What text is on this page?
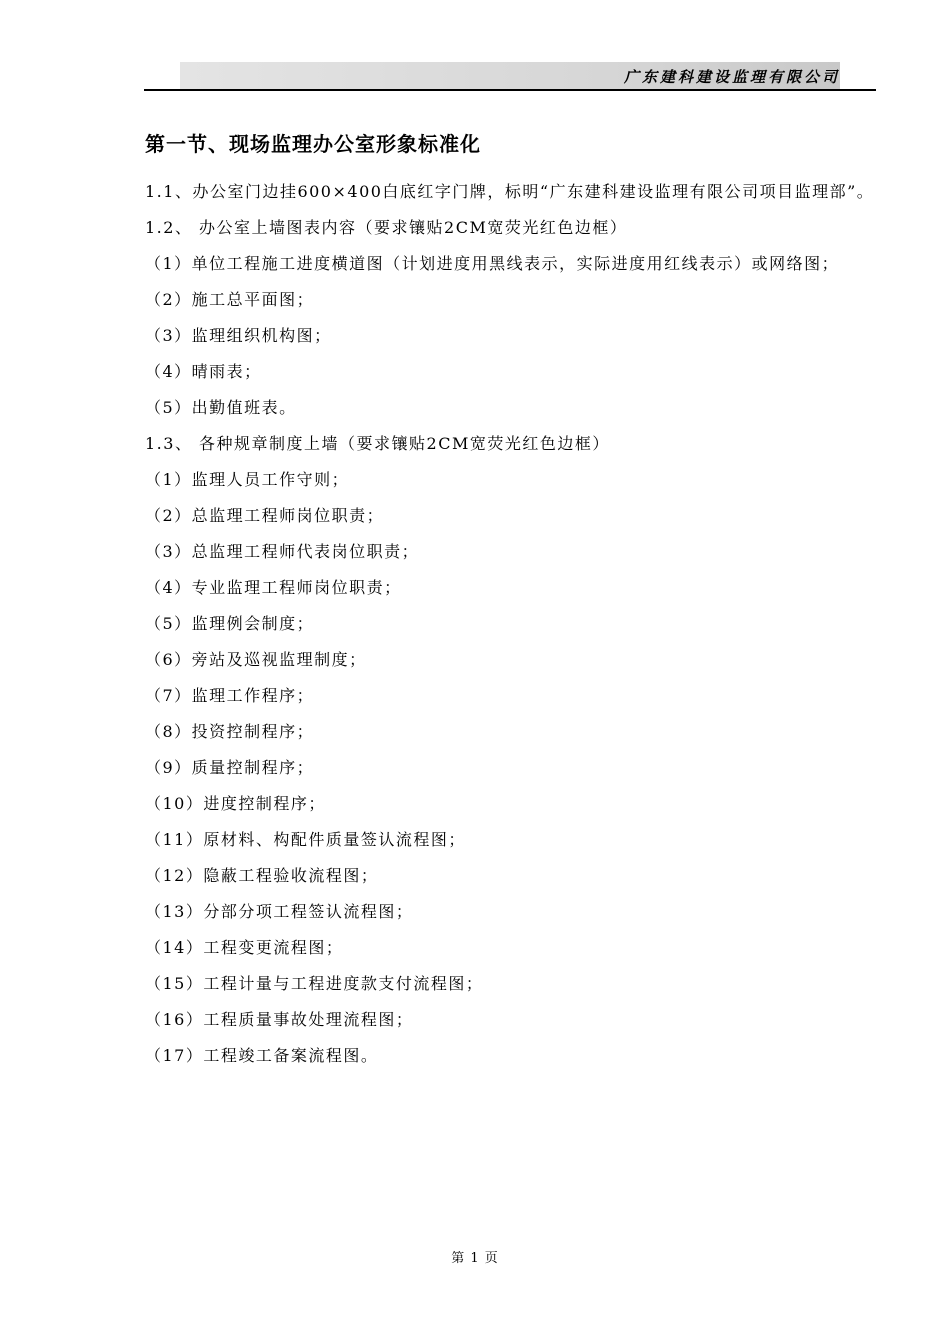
广东建科建设监理有限公司
第一节、现场监理办公室形象标准化
1.1、办公室门边挂600×400白底红字门牌，标明“广东建科建设监理有限公司项目监理部”。
1.2、 办公室上墙图表内容（要求镶贴2CM宽荧光红色边框）
（1）单位工程施工进度横道图（计划进度用黑线表示，实际进度用红线表示）或网络图；
（2）施工总平面图；
（3）监理组织机构图；
（4）晴雨表；
（5）出勤值班表。
1.3、 各种规章制度上墙（要求镶贴2CM宽荧光红色边框）
（1）监理人员工作守则；
（2）总监理工程师岗位职责；
（3）总监理工程师代表岗位职责；
（4）专业监理工程师岗位职责；
（5）监理例会制度；
（6）旁站及巡视监理制度；
（7）监理工作程序；
（8）投资控制程序；
（9）质量控制程序；
（10）进度控制程序；
（11）原材料、构配件质量签认流程图；
（12）隐蔽工程验收流程图；
（13）分部分项工程签认流程图；
（14）工程变更流程图；
（15）工程计量与工程进度款支付流程图；
（16）工程质量事故处理流程图；
（17）工程竣工备案流程图。
第 1 页
